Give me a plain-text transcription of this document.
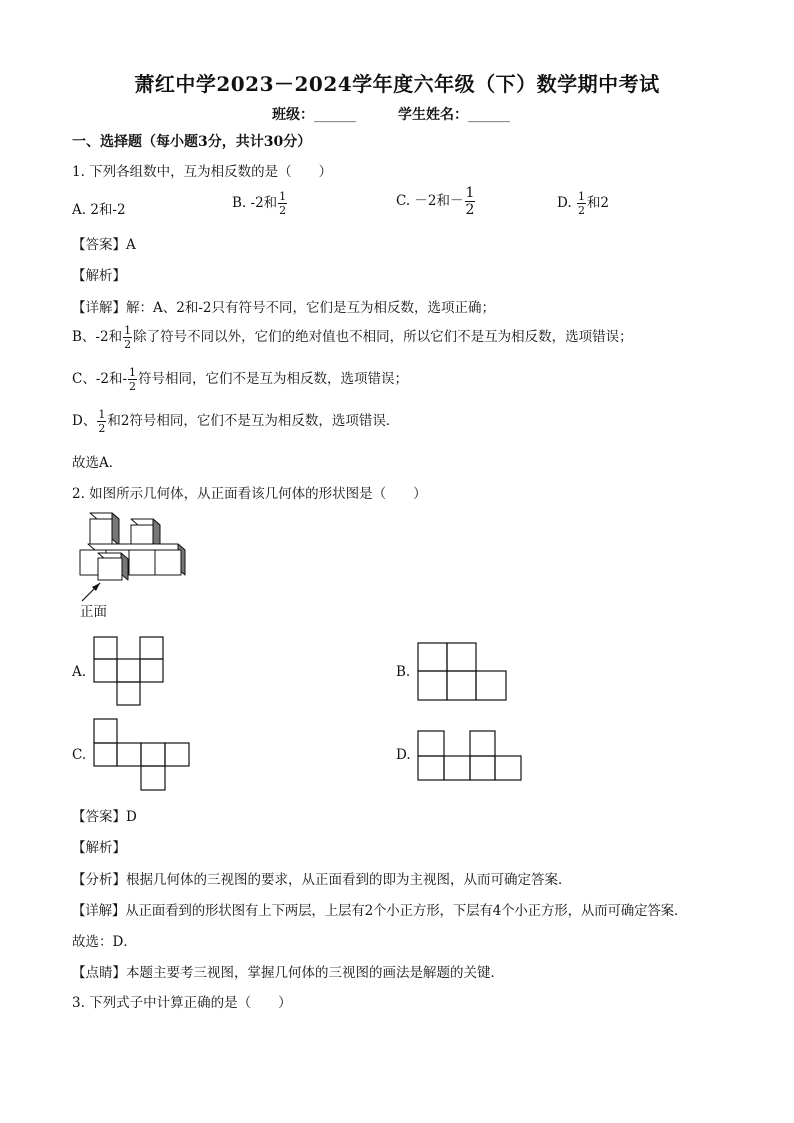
萧红中学2023－2024学年度六年级（下）数学期中考试
班级：______	学生姓名：______
一、选择题（每小题3分，共计30分）
1. 下列各组数中，互为相反数的是（　　）
A. 2和-2	B. -2和 $\frac{1}{2}$	C. －2和－ $\frac{1}{2}$	D. $\frac{1}{2}$ 和2
【答案】A
【解析】
【详解】解：A、2和-2只有符号不同，它们是互为相反数，选项正确；
B、-2和 $\frac{1}{2}$ 除了符号不同以外，它们的绝对值也不相同，所以它们不是互为相反数，选项错误；
C、-2和- $\frac{1}{2}$ 符号相同，它们不是互为相反数，选项错误；
D、 $\frac{1}{2}$ 和2符号相同，它们不是互为相反数，选项错误．
故选A．
2. 如图所示几何体，从正面看该几何体的形状图是（　　）
正面
A.	B.
C.	D.
【答案】D
【解析】
【分析】根据几何体的三视图的要求，从正面看到的即为主视图，从而可确定答案．
【详解】从正面看到的形状图有上下两层，上层有2个小正方形，下层有4个小正方形，从而可确定答案．
故选：D．
【点睛】本题主要考三视图，掌握几何体的三视图的画法是解题的关键．
3. 下列式子中计算正确的是（　　）
